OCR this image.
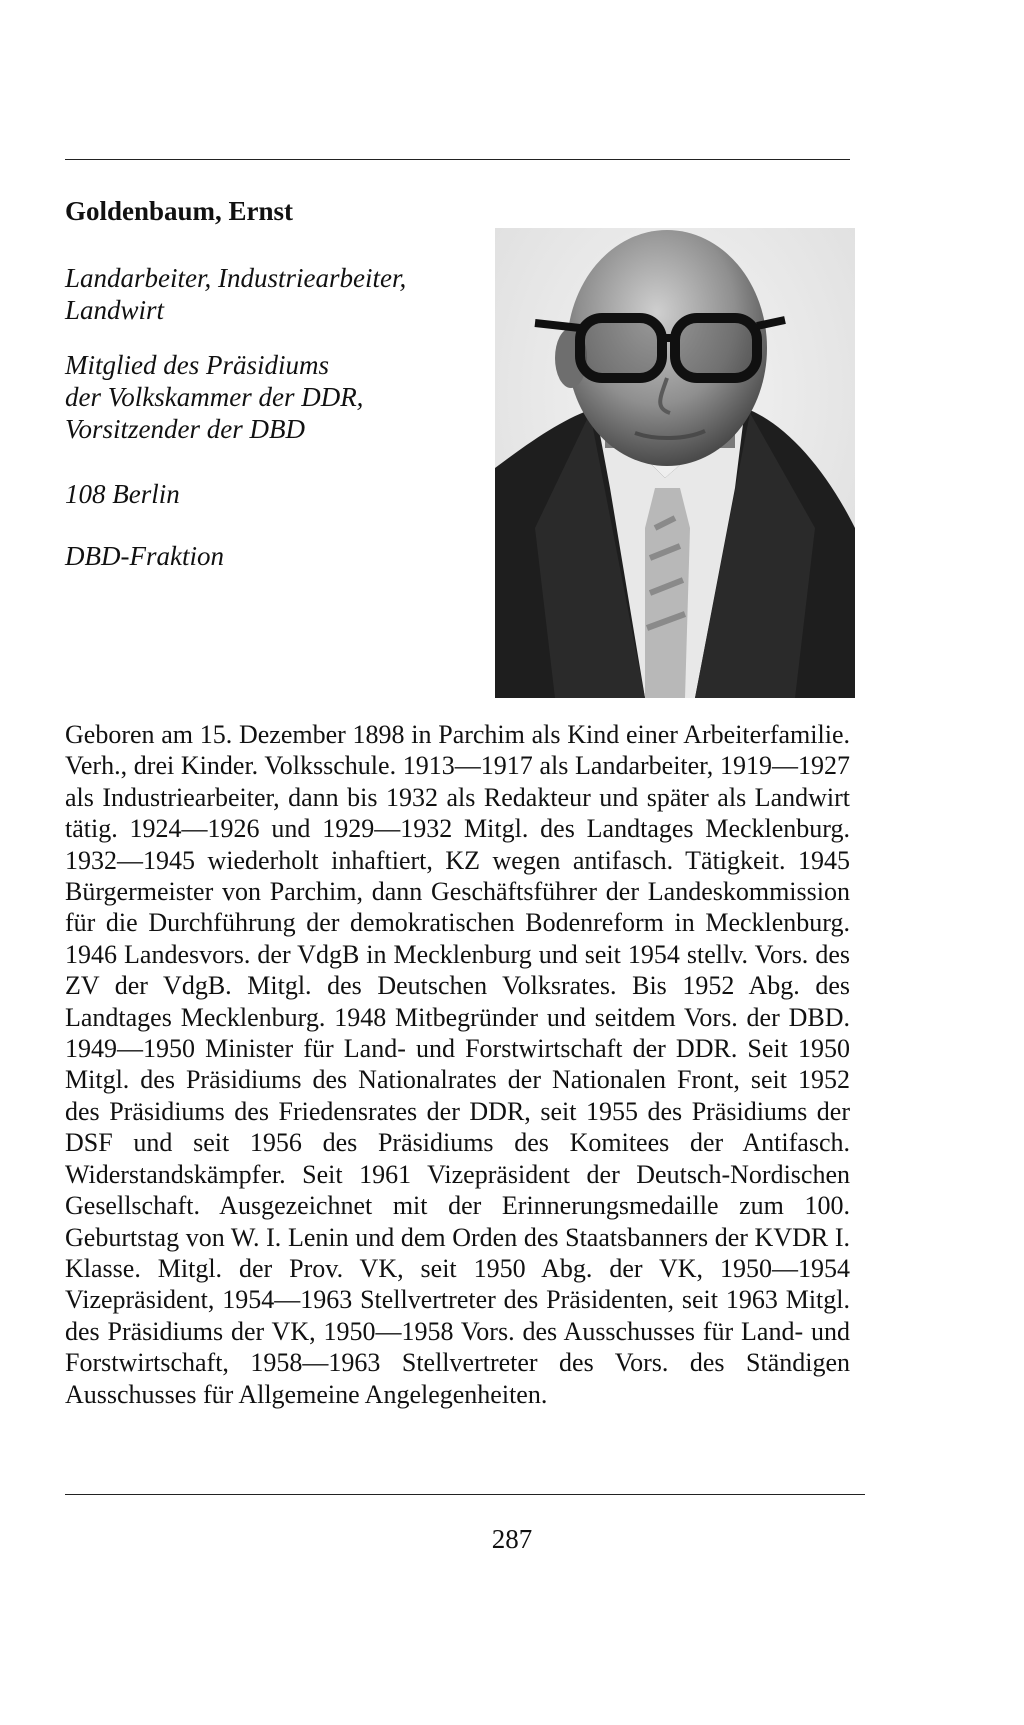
Goldenbaum, Ernst

Landarbeiter, Industriearbeiter,
Landwirt

Mitglied des Präsidiums
der Volkskammer der DDR,
Vorsitzender der DBD

108 Berlin

DBD-Fraktion

Geboren am 15. Dezember 1898 in Parchim als Kind einer Arbeiterfamilie. Verh., drei Kinder. Volksschule. 1913—1917 als Landarbeiter, 1919—1927 als Industriearbeiter, dann bis 1932 als Redakteur und später als Landwirt tätig. 1924—1926 und 1929—1932 Mitgl. des Landtages Mecklenburg. 1932—1945 wiederholt inhaftiert, KZ wegen antifasch. Tätigkeit. 1945 Bürgermeister von Parchim, dann Geschäftsführer der Landeskommission für die Durchführung der demokratischen Bodenreform in Mecklenburg. 1946 Landesvors. der VdgB in Mecklenburg und seit 1954 stellv. Vors. des ZV der VdgB. Mitgl. des Deutschen Volksrates. Bis 1952 Abg. des Landtages Mecklenburg. 1948 Mitbegründer und seitdem Vors. der DBD. 1949—1950 Minister für Land- und Forstwirtschaft der DDR. Seit 1950 Mitgl. des Präsidiums des Nationalrates der Nationalen Front, seit 1952 des Präsidiums des Friedensrates der DDR, seit 1955 des Präsidiums der DSF und seit 1956 des Präsidiums des Komitees der Antifasch. Widerstandskämpfer. Seit 1961 Vizepräsident der Deutsch-Nordischen Gesellschaft. Ausgezeichnet mit der Erinnerungsmedaille zum 100. Geburtstag von W. I. Lenin und dem Orden des Staatsbanners der KVDR I. Klasse. Mitgl. der Prov. VK, seit 1950 Abg. der VK, 1950—1954 Vizepräsident, 1954—1963 Stellvertreter des Präsidenten, seit 1963 Mitgl. des Präsidiums der VK, 1950—1958 Vors. des Ausschusses für Land- und Forstwirtschaft, 1958—1963 Stellvertreter des Vors. des Ständigen Ausschusses für Allgemeine Angelegenheiten.

287
